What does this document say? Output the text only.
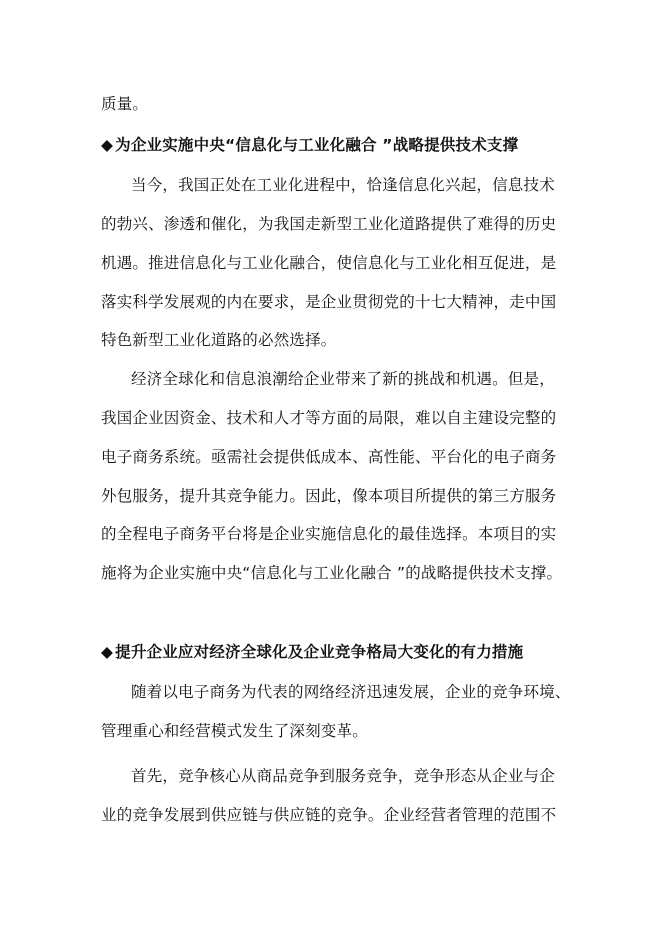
质量。
◆ 为企业实施中央“信息化与工业化融合 ”战略提供技术支撑
当今，我国正处在工业化进程中，恰逢信息化兴起，信息技术
的勃兴、渗透和催化，为我国走新型工业化道路提供了难得的历史
机遇。推进信息化与工业化融合，使信息化与工业化相互促进，是
落实科学发展观的内在要求，是企业贯彻党的十七大精神，走中国
特色新型工业化道路的必然选择。
经济全球化和信息浪潮给企业带来了新的挑战和机遇。但是，
我国企业因资金、技术和人才等方面的局限，难以自主建设完整的
电子商务系统。亟需社会提供低成本、高性能、平台化的电子商务
外包服务，提升其竞争能力。因此，像本项目所提供的第三方服务
的全程电子商务平台将是企业实施信息化的最佳选择。本项目的实
施将为企业实施中央“信息化与工业化融合 ”的战略提供技术支撑。
◆ 提升企业应对经济全球化及企业竞争格局大变化的有力措施
随着以电子商务为代表的网络经济迅速发展，企业的竞争环境、
管理重心和经营模式发生了深刻变革。
首先，竞争核心从商品竞争到服务竞争，竞争形态从企业与企
业的竞争发展到供应链与供应链的竞争。企业经营者管理的范围不
